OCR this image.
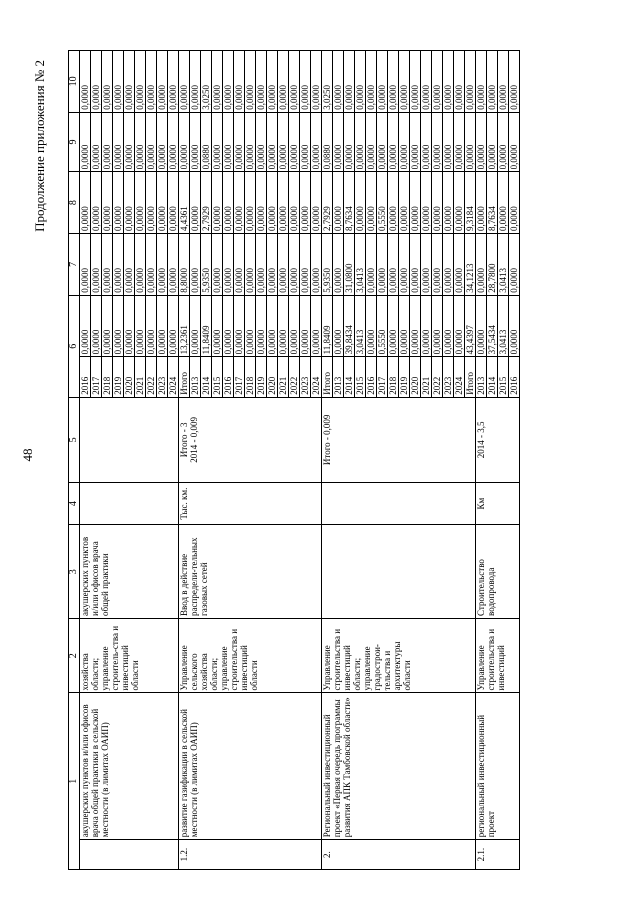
48
Продолжение приложения № 2
1		2	3	4	5	6		7	8	9	10
	акушерских пунктов и/или офисов врача общей практики в сельской местности (в лимитах ОАИП)	хозяйства области; управление строитель-ства и инвестиций области	акушерских пунктов и/или офисов врача общей практики			2016	0,0000	0,0000	0,0000	0,0000	0,0000
						2017	0,0000	0,0000	0,0000	0,0000	0,0000
						2018	0,0000	0,0000	0,0000	0,0000	0,0000
						2019	0,0000	0,0000	0,0000	0,0000	0,0000
						2020	0,0000	0,0000	0,0000	0,0000	0,0000
						2021	0,0000	0,0000	0,0000	0,0000	0,0000
						2022	0,0000	0,0000	0,0000	0,0000	0,0000
						2023	0,0000	0,0000	0,0000	0,0000	0,0000
						2024	0,0000	0,0000	0,0000	0,0000	0,0000
1.2.	развитие газификации в сельской местности (в лимитах ОАИП)	Управление сельского хозяйства области; управление строительства и инвестиций области	Ввод в действие распредели-тельных газовых сетей	Тыс. км.	Итого - 3 2014 - 0,009	Итого	13,2361	8,8000	4,4361	0,0000	0,0000
						2013	0,0000	0,0000	0,0000	0,0000	0,0000
						2014	11,8409	5,9350	2,7929	0,0880	3,0250
						2015	0,0000	0,0000	0,0000	0,0000	0,0000
						2016	0,0000	0,0000	0,0000	0,0000	0,0000
						2017	0,0000	0,0000	0,0000	0,0000	0,0000
						2018	0,0000	0,0000	0,0000	0,0000	0,0000
						2019	0,0000	0,0000	0,0000	0,0000	0,0000
						2020	0,0000	0,0000	0,0000	0,0000	0,0000
						2021	0,0000	0,0000	0,0000	0,0000	0,0000
						2022	0,0000	0,0000	0,0000	0,0000	0,0000
						2023	0,0000	0,0000	0,0000	0,0000	0,0000
						2024	0,0000	0,0000	0,0000	0,0000	0,0000
2.	Региональный инвестиционный проект «Первая очередь программы развития АПК Тамбовской области»	Управление строительства и инвестиций области; управление градострои-тельства и архитектуры области			Итого - 0,009	Итого	11,8409	5,9350	2,7929	0,0880	3,0250
						2013	0,0000	0,0000	0,0000	0,0000	0,0000
						2014	39,8434	31,0800	8,7634	0,0000	0,0000
						2015	3,0413	3,0413	0,0000	0,0000	0,0000
						2016	0,0000	0,0000	0,0000	0,0000	0,0000
						2017	0,5550	0,0000	0,5550	0,0000	0,0000
						2018	0,0000	0,0000	0,0000	0,0000	0,0000
						2019	0,0000	0,0000	0,0000	0,0000	0,0000
						2020	0,0000	0,0000	0,0000	0,0000	0,0000
						2021	0,0000	0,0000	0,0000	0,0000	0,0000
						2022	0,0000	0,0000	0,0000	0,0000	0,0000
						2023	0,0000	0,0000	0,0000	0,0000	0,0000
						2024	0,0000	0,0000	0,0000	0,0000	0,0000
						Итого	43,4397	34,1213	9,3184	0,0000	0,0000
2.1.	региональный инвестиционный проект	Управление строительства и инвестиций	Строительство водопровода	Км	2014 - 3,5	2013	0,0000	0,0000	0,0000	0,0000	0,0000
						2014	37,5434	28,7800	8,7634	0,0000	0,0000
						2015	3,0413	3,0413	0,0000	0,0000	0,0000
						2016	0,0000	0,0000	0,0000	0,0000	0,0000
